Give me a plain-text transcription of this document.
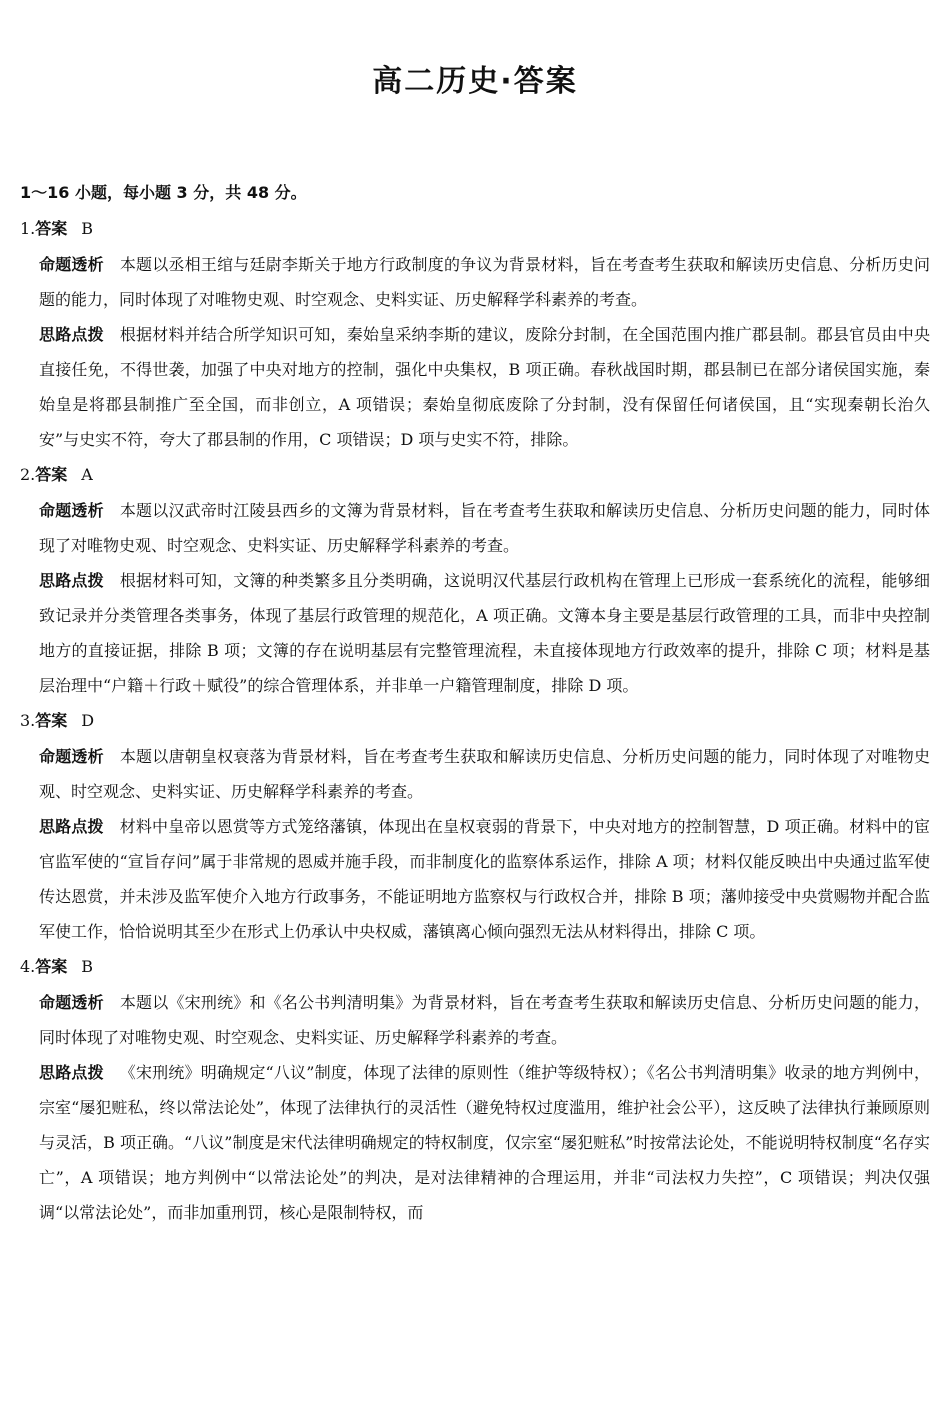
高二历史·答案
1～16 小题，每小题 3 分，共 48 分。
1.答案 B
命题透析 本题以丞相王绾与廷尉李斯关于地方行政制度的争议为背景材料，旨在考查考生获取和解读历史信息、分析历史问题的能力，同时体现了对唯物史观、时空观念、史料实证、历史解释学科素养的考查。
思路点拨 根据材料并结合所学知识可知，秦始皇采纳李斯的建议，废除分封制，在全国范围内推广郡县制。郡县官员由中央直接任免，不得世袭，加强了中央对地方的控制，强化中央集权，B 项正确。春秋战国时期，郡县制已在部分诸侯国实施，秦始皇是将郡县制推广至全国，而非创立，A 项错误；秦始皇彻底废除了分封制，没有保留任何诸侯国，且“实现秦朝长治久安”与史实不符，夸大了郡县制的作用，C 项错误；D 项与史实不符，排除。
2.答案 A
命题透析 本题以汉武帝时江陵县西乡的文簿为背景材料，旨在考查考生获取和解读历史信息、分析历史问题的能力，同时体现了对唯物史观、时空观念、史料实证、历史解释学科素养的考查。
思路点拨 根据材料可知，文簿的种类繁多且分类明确，这说明汉代基层行政机构在管理上已形成一套系统化的流程，能够细致记录并分类管理各类事务，体现了基层行政管理的规范化，A 项正确。文簿本身主要是基层行政管理的工具，而非中央控制地方的直接证据，排除 B 项；文簿的存在说明基层有完整管理流程，未直接体现地方行政效率的提升，排除 C 项；材料是基层治理中“户籍＋行政＋赋役”的综合管理体系，并非单一户籍管理制度，排除 D 项。
3.答案 D
命题透析 本题以唐朝皇权衰落为背景材料，旨在考查考生获取和解读历史信息、分析历史问题的能力，同时体现了对唯物史观、时空观念、史料实证、历史解释学科素养的考查。
思路点拨 材料中皇帝以恩赏等方式笼络藩镇，体现出在皇权衰弱的背景下，中央对地方的控制智慧，D 项正确。材料中的宦官监军使的“宣旨存问”属于非常规的恩威并施手段，而非制度化的监察体系运作，排除 A 项；材料仅能反映出中央通过监军使传达恩赏，并未涉及监军使介入地方行政事务，不能证明地方监察权与行政权合并，排除 B 项；藩帅接受中央赏赐物并配合监军使工作，恰恰说明其至少在形式上仍承认中央权威，藩镇离心倾向强烈无法从材料得出，排除 C 项。
4.答案 B
命题透析 本题以《宋刑统》和《名公书判清明集》为背景材料，旨在考查考生获取和解读历史信息、分析历史问题的能力，同时体现了对唯物史观、时空观念、史料实证、历史解释学科素养的考查。
思路点拨 《宋刑统》明确规定“八议”制度，体现了法律的原则性（维护等级特权）；《名公书判清明集》收录的地方判例中，宗室“屡犯赃私，终以常法论处”，体现了法律执行的灵活性（避免特权过度滥用，维护社会公平），这反映了法律执行兼顾原则与灵活，B 项正确。“八议”制度是宋代法律明确规定的特权制度，仅宗室“屡犯赃私”时按常法论处，不能说明特权制度“名存实亡”，A 项错误；地方判例中“以常法论处”的判决，是对法律精神的合理运用，并非“司法权力失控”，C 项错误；判决仅强调“以常法论处”，而非加重刑罚，核心是限制特权，而
